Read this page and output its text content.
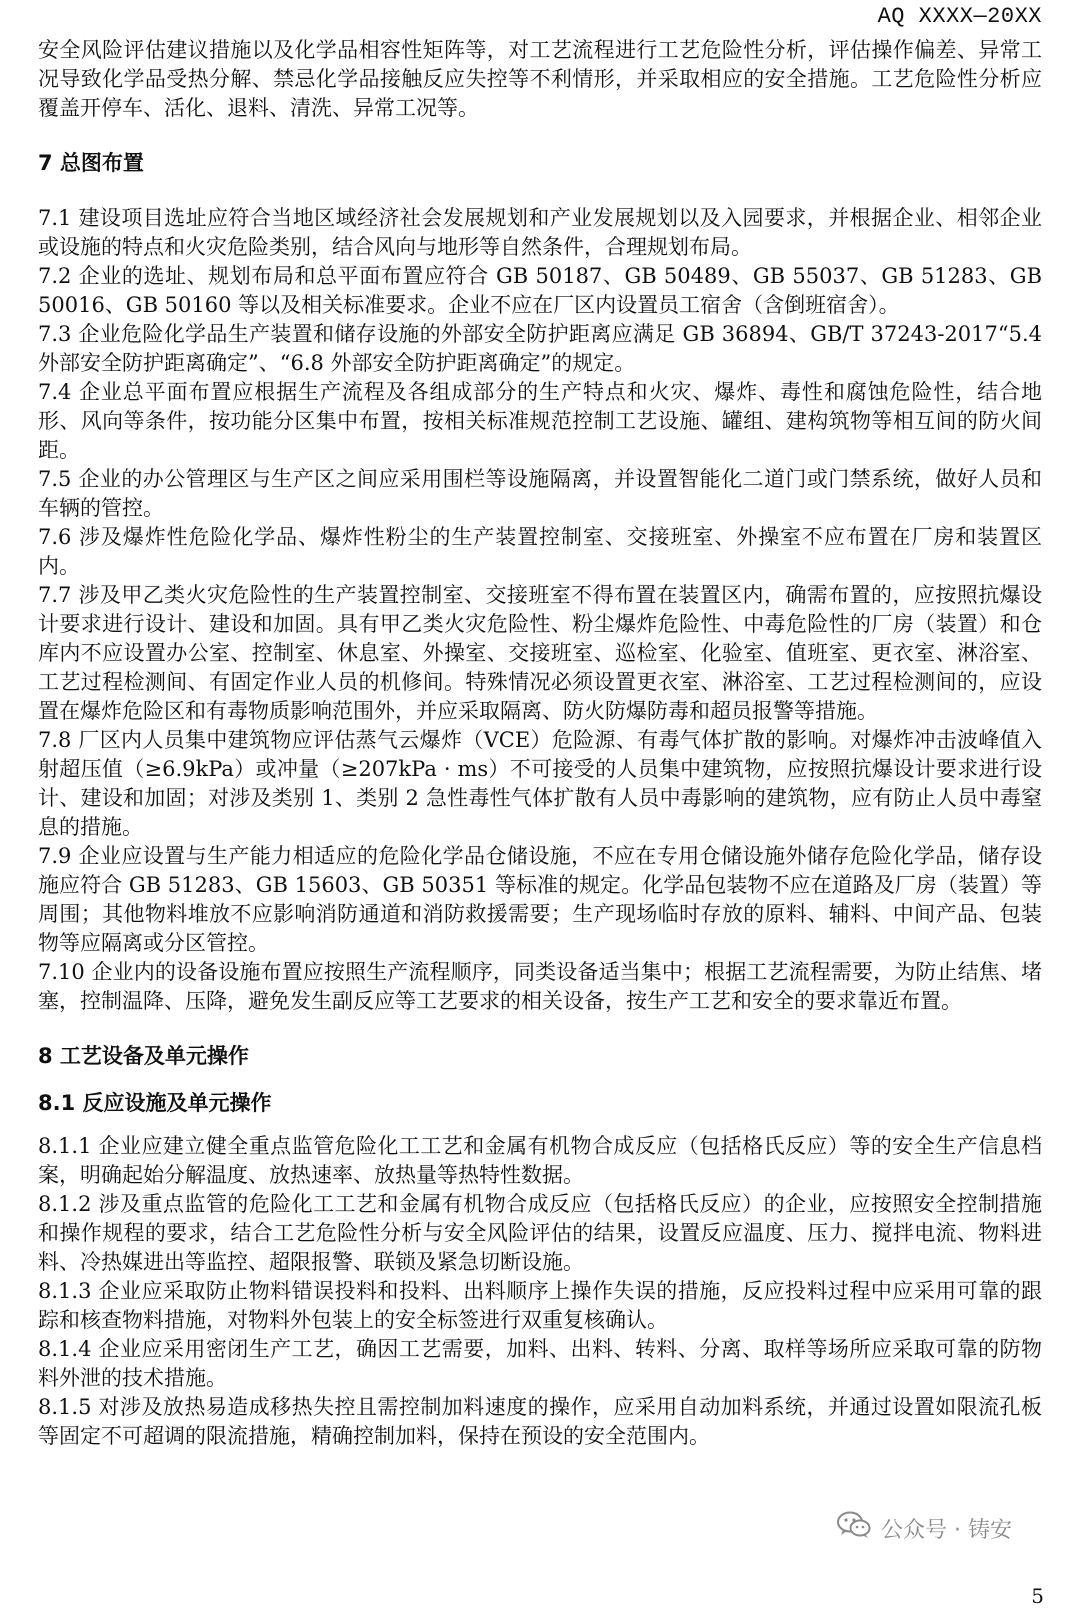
AQ XXXX—20XX

安全风险评估建议措施以及化学品相容性矩阵等，对工艺流程进行工艺危险性分析，评估操作偏差、异常工况导致化学品受热分解、禁忌化学品接触反应失控等不利情形，并采取相应的安全措施。工艺危险性分析应覆盖开停车、活化、退料、清洗、异常工况等。

7 总图布置

7.1 建设项目选址应符合当地区域经济社会发展规划和产业发展规划以及入园要求，并根据企业、相邻企业或设施的特点和火灾危险类别，结合风向与地形等自然条件，合理规划布局。

7.2 企业的选址、规划布局和总平面布置应符合 GB 50187、GB 50489、GB 55037、GB 51283、GB 50016、GB 50160 等以及相关标准要求。企业不应在厂区内设置员工宿舍（含倒班宿舍）。

7.3 企业危险化学品生产装置和储存设施的外部安全防护距离应满足 GB 36894、GB/T 37243-2017“5.4 外部安全防护距离确定”、“6.8 外部安全防护距离确定”的规定。

7.4 企业总平面布置应根据生产流程及各组成部分的生产特点和火灾、爆炸、毒性和腐蚀危险性，结合地形、风向等条件，按功能分区集中布置，按相关标准规范控制工艺设施、罐组、建构筑物等相互间的防火间距。

7.5 企业的办公管理区与生产区之间应采用围栏等设施隔离，并设置智能化二道门或门禁系统，做好人员和车辆的管控。

7.6 涉及爆炸性危险化学品、爆炸性粉尘的生产装置控制室、交接班室、外操室不应布置在厂房和装置区内。

7.7 涉及甲乙类火灾危险性的生产装置控制室、交接班室不得布置在装置区内，确需布置的，应按照抗爆设计要求进行设计、建设和加固。具有甲乙类火灾危险性、粉尘爆炸危险性、中毒危险性的厂房（装置）和仓库内不应设置办公室、控制室、休息室、外操室、交接班室、巡检室、化验室、值班室、更衣室、淋浴室、工艺过程检测间、有固定作业人员的机修间。特殊情况必须设置更衣室、淋浴室、工艺过程检测间的，应设置在爆炸危险区和有毒物质影响范围外，并应采取隔离、防火防爆防毒和超员报警等措施。

7.8 厂区内人员集中建筑物应评估蒸气云爆炸（VCE）危险源、有毒气体扩散的影响。对爆炸冲击波峰值入射超压值（≥6.9kPa）或冲量（≥207kPa · ms）不可接受的人员集中建筑物，应按照抗爆设计要求进行设计、建设和加固；对涉及类别 1、类别 2 急性毒性气体扩散有人员中毒影响的建筑物，应有防止人员中毒窒息的措施。

7.9 企业应设置与生产能力相适应的危险化学品仓储设施，不应在专用仓储设施外储存危险化学品，储存设施应符合 GB 51283、GB 15603、GB 50351 等标准的规定。化学品包装物不应在道路及厂房（装置）等周围；其他物料堆放不应影响消防通道和消防救援需要；生产现场临时存放的原料、辅料、中间产品、包装物等应隔离或分区管控。

7.10 企业内的设备设施布置应按照生产流程顺序，同类设备适当集中；根据工艺流程需要，为防止结焦、堵塞，控制温降、压降，避免发生副反应等工艺要求的相关设备，按生产工艺和安全的要求靠近布置。

8 工艺设备及单元操作
8.1 反应设施及单元操作

8.1.1 企业应建立健全重点监管危险化工工艺和金属有机物合成反应（包括格氏反应）等的安全生产信息档案，明确起始分解温度、放热速率、放热量等热特性数据。

8.1.2 涉及重点监管的危险化工工艺和金属有机物合成反应（包括格氏反应）的企业，应按照安全控制措施和操作规程的要求，结合工艺危险性分析与安全风险评估的结果，设置反应温度、压力、搅拌电流、物料进料、冷热媒进出等监控、超限报警、联锁及紧急切断设施。

8.1.3 企业应采取防止物料错误投料和投料、出料顺序上操作失误的措施，反应投料过程中应采用可靠的跟踪和核查物料措施，对物料外包装上的安全标签进行双重复核确认。

8.1.4 企业应采用密闭生产工艺，确因工艺需要，加料、出料、转料、分离、取样等场所应采取可靠的防物料外泄的技术措施。

8.1.5 对涉及放热易造成移热失控且需控制加料速度的操作，应采用自动加料系统，并通过设置如限流孔板等固定不可超调的限流措施，精确控制加料，保持在预设的安全范围内。

公众号 · 铸安
5
